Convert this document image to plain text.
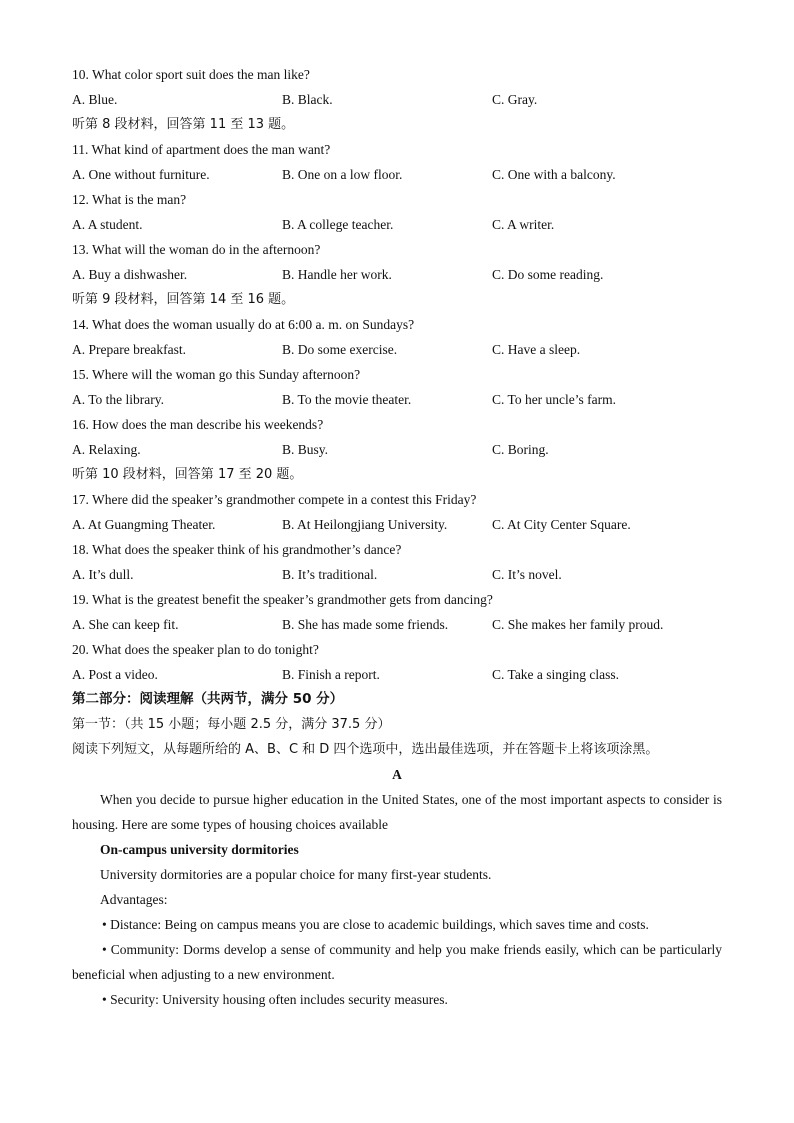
10. What color sport suit does the man like?
A. Blue.	B. Black.	C. Gray.
听第 8 段材料，回答第 11 至 13 题。
11. What kind of apartment does the man want?
A. One without furniture.	B. One on a low floor.	C. One with a balcony.
12. What is the man?
A. A student.	B. A college teacher.	C. A writer.
13. What will the woman do in the afternoon?
A. Buy a dishwasher.	B. Handle her work.	C. Do some reading.
听第 9 段材料，回答第 14 至 16 题。
14. What does the woman usually do at 6:00 a. m. on Sundays?
A. Prepare breakfast.	B. Do some exercise.	C. Have a sleep.
15. Where will the woman go this Sunday afternoon?
A. To the library.	B. To the movie theater.	C. To her uncle’s farm.
16. How does the man describe his weekends?
A. Relaxing.	B. Busy.	C. Boring.
听第 10 段材料，回答第 17 至 20 题。
17. Where did the speaker’s grandmother compete in a contest this Friday?
A. At Guangming Theater.	B. At Heilongjiang University.	C. At City Center Square.
18. What does the speaker think of his grandmother’s dance?
A. It’s dull.	B. It’s traditional.	C. It’s novel.
19. What is the greatest benefit the speaker’s grandmother gets from dancing?
A. She can keep fit.	B. She has made some friends.	C. She makes her family proud.
20. What does the speaker plan to do tonight?
A. Post a video.	B. Finish a report.	C. Take a singing class.
第二部分：阅读理解（共两节，满分 50 分）
第一节：（共 15 小题；每小题 2.5 分，满分 37.5 分）
阅读下列短文，从每题所给的 A、B、C 和 D 四个选项中，选出最佳选项，并在答题卡上将该项涂黑。
A
When you decide to pursue higher education in the United States, one of the most important aspects to consider is housing. Here are some types of housing choices available
On-campus university dormitories
University dormitories are a popular choice for many first-year students.
Advantages:
• Distance: Being on campus means you are close to academic buildings, which saves time and costs.
• Community: Dorms develop a sense of community and help you make friends easily, which can be particularly beneficial when adjusting to a new environment.
• Security: University housing often includes security measures.
